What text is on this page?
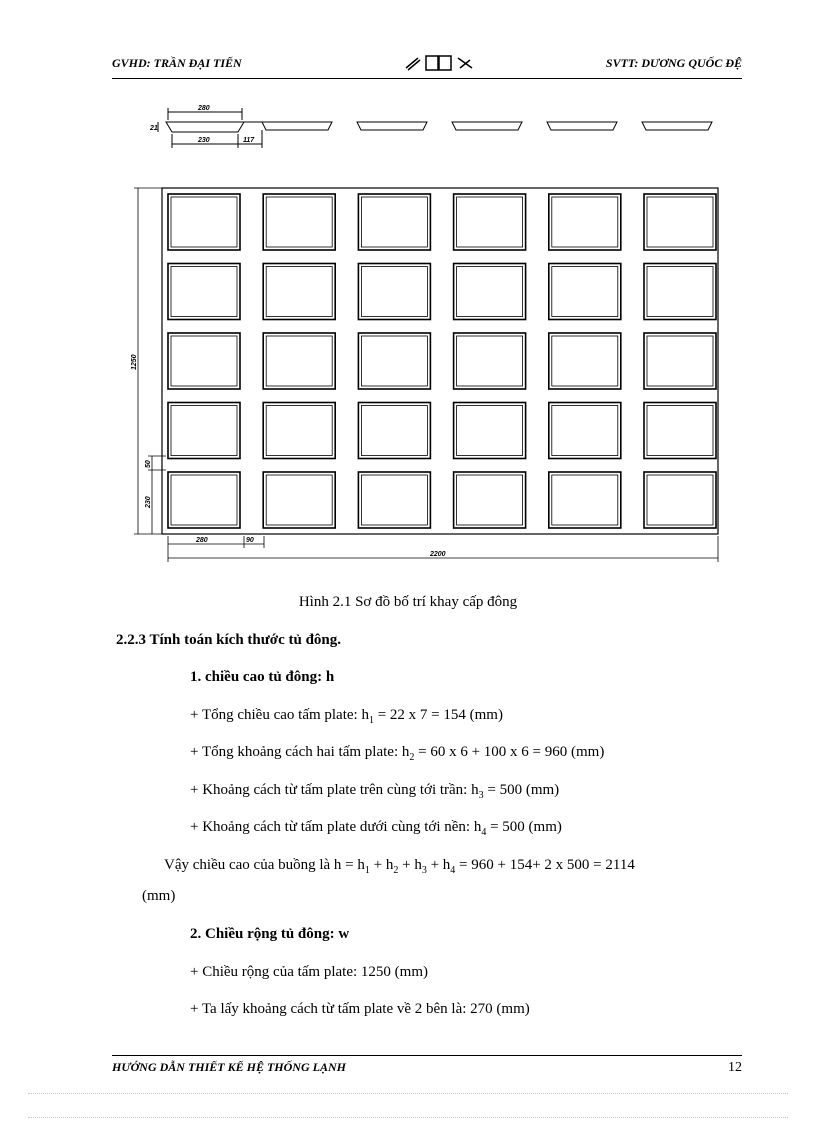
GVHD: TRẦN ĐẠI TIẾN	SVTT: DƯƠNG QUỐC ĐỆ
280
230	117
21
1250
50
230
280	90
2200
Hình 2.1 Sơ đồ bố trí khay cấp đông
2.2.3 Tính toán kích thước tủ đông.
1. chiều cao tủ đông: h
+ Tổng chiều cao tấm plate: $h_1 = 22$ x 7 = 154 (mm)
+ Tổng khoảng cách hai tấm plate: $h_2 = 60$ x 6 + 100 x 6 = 960 (mm)
+ Khoảng cách từ tấm plate trên cùng tới trần: $h_3 = 500$ (mm)
+ Khoảng cách từ tấm plate dưới cùng tới nền: $h_4 = 500$ (mm)
Vậy chiều cao của buồng là $h = h_1 + h_2 + h_3 + h_4 = 960 + 154+ 2$ x 500 = 2114
(mm)
2. Chiều rộng tủ đông: w
+ Chiều rộng của tấm plate: 1250 (mm)
+ Ta lấy khoảng cách từ tấm plate về 2 bên là: 270 (mm)
HƯỚNG DẪN THIẾT KẾ HỆ THỐNG LẠNH	12
